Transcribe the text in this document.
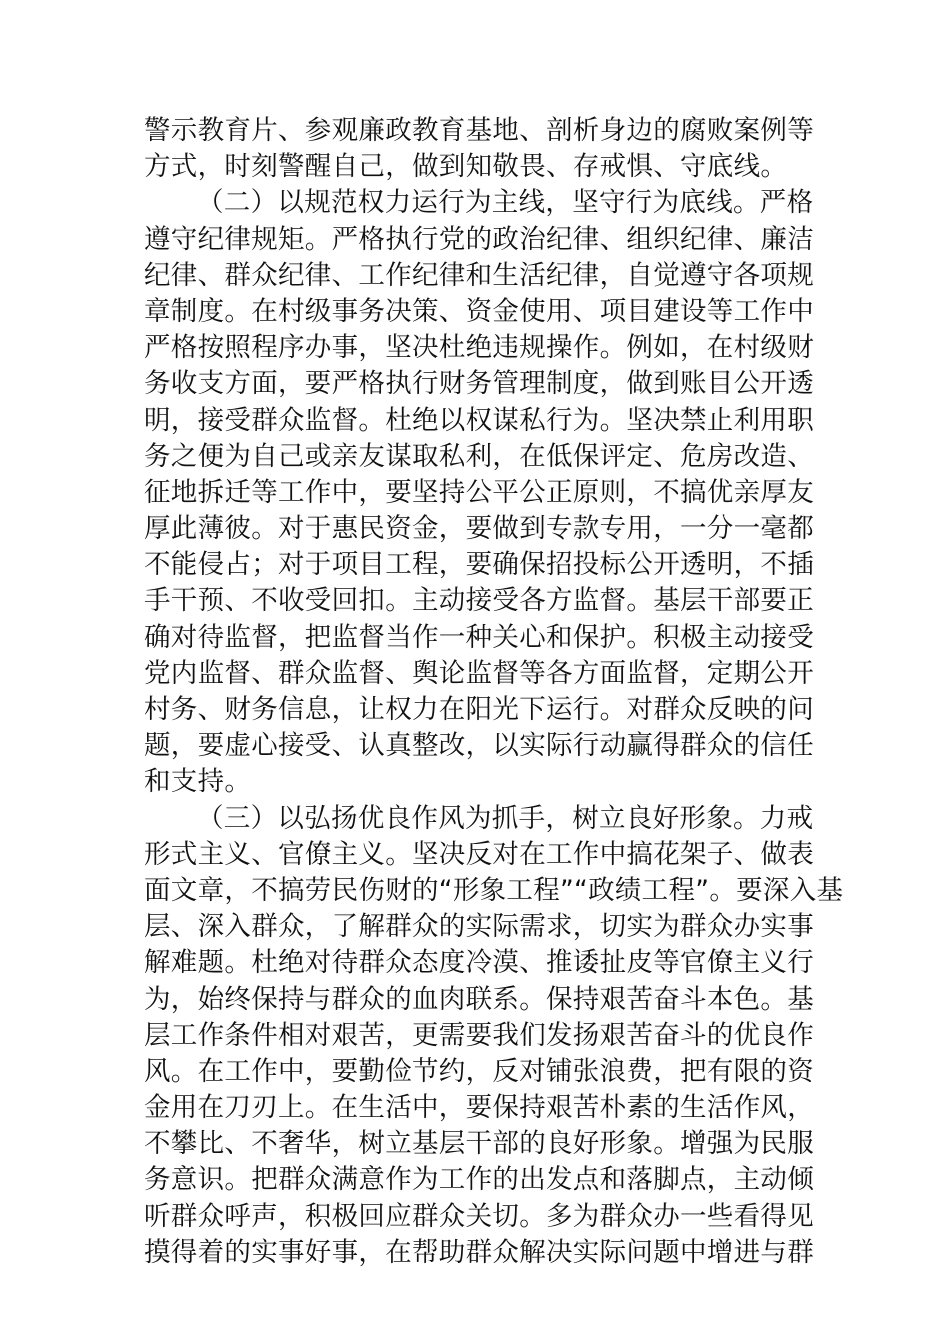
警示教育片、参观廉政教育基地、剖析身边的腐败案例等
方式，时刻警醒自己，做到知敬畏、存戒惧、守底线。
（二）以规范权力运行为主线，坚守行为底线。严格
遵守纪律规矩。严格执行党的政治纪律、组织纪律、廉洁
纪律、群众纪律、工作纪律和生活纪律，自觉遵守各项规
章制度。在村级事务决策、资金使用、项目建设等工作中
严格按照程序办事，坚决杜绝违规操作。例如，在村级财
务收支方面，要严格执行财务管理制度，做到账目公开透
明，接受群众监督。杜绝以权谋私行为。坚决禁止利用职
务之便为自己或亲友谋取私利，在低保评定、危房改造、
征地拆迁等工作中，要坚持公平公正原则，不搞优亲厚友
厚此薄彼。对于惠民资金，要做到专款专用，一分一毫都
不能侵占；对于项目工程，要确保招投标公开透明，不插
手干预、不收受回扣。主动接受各方监督。基层干部要正
确对待监督，把监督当作一种关心和保护。积极主动接受
党内监督、群众监督、舆论监督等各方面监督，定期公开
村务、财务信息，让权力在阳光下运行。对群众反映的问
题，要虚心接受、认真整改，以实际行动赢得群众的信任
和支持。
（三）以弘扬优良作风为抓手，树立良好形象。力戒
形式主义、官僚主义。坚决反对在工作中搞花架子、做表
面文章，不搞劳民伤财的“形象工程”“政绩工程”。要深入基
层、深入群众，了解群众的实际需求，切实为群众办实事
解难题。杜绝对待群众态度冷漠、推诿扯皮等官僚主义行
为，始终保持与群众的血肉联系。保持艰苦奋斗本色。基
层工作条件相对艰苦，更需要我们发扬艰苦奋斗的优良作
风。在工作中，要勤俭节约，反对铺张浪费，把有限的资
金用在刀刃上。在生活中，要保持艰苦朴素的生活作风，
不攀比、不奢华，树立基层干部的良好形象。增强为民服
务意识。把群众满意作为工作的出发点和落脚点，主动倾
听群众呼声，积极回应群众关切。多为群众办一些看得见
摸得着的实事好事，在帮助群众解决实际问题中增进与群
